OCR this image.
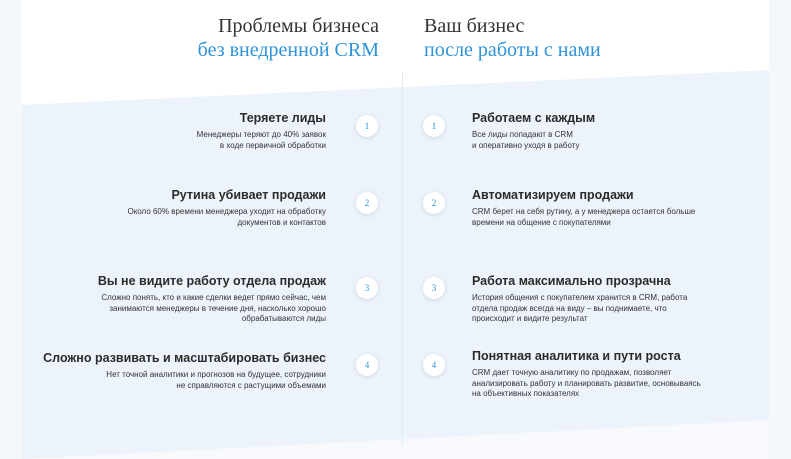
Проблемы бизнеса
без внедренной CRM
Ваш бизнес
после работы с нами
Теряете лиды
Менеджеры теряют до 40% заявок
в ходе первичной обработки
Рутина убивает продажи
Около 60% времени менеджера уходит на обработку
документов и контактов
Вы не видите работу отдела продаж
Сложно понять, кто и какие сделки ведет прямо сейчас, чем
занимаются менеджеры в течение дня, насколько хорошо
обрабатываются лиды
Сложно развивать и масштабировать бизнес
Нет точной аналитики и прогнозов на будущее, сотрудники
не справляются с растущими объемами
1
2
3
4
1
2
3
4
Работаем с каждым
Все лиды попадают в CRM
и оперативно уходя в работу
Автоматизируем продажи
CRM берет на себя рутину, а у менеджера остается больше
времени на общение с покупателями
Работа максимально прозрачна
История общения с покупателем хранится в CRM, работа
отдела продаж всегда на виду – вы поднимаете, что
происходит и видите результат
Понятная аналитика и пути роста
CRM дает точную аналитику по продажам, позволяет
анализировать работу и планировать развитие, основываясь
на объективных показателях
